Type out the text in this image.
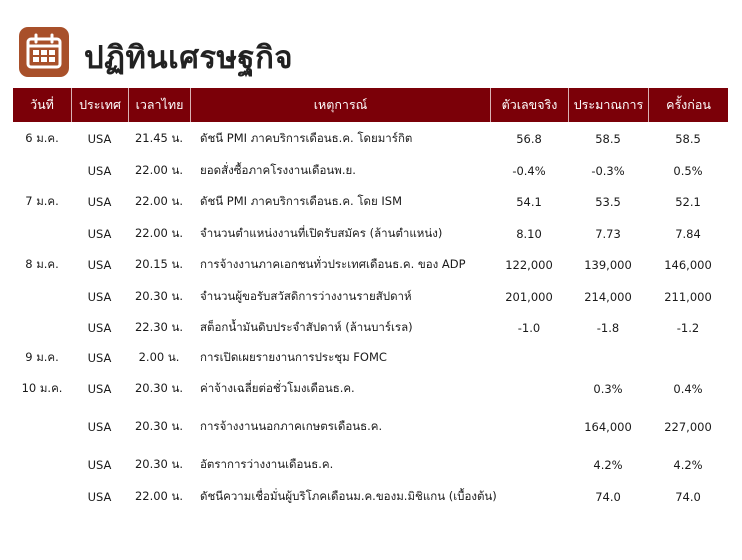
ปฏิทินเศรษฐกิจ
วันที่	ประเทศ	เวลาไทย	เหตุการณ์	ตัวเลขจริง	ประมาณการ	ครั้งก่อน
6 ม.ค.	USA	21.45 น.	ดัชนี PMI ภาคบริการเดือนธ.ค. โดยมาร์กิต	56.8	58.5	58.5
	USA	22.00 น.	ยอดสั่งซื้อภาคโรงงานเดือนพ.ย.	-0.4%	-0.3%	0.5%
7 ม.ค.	USA	22.00 น.	ดัชนี PMI ภาคบริการเดือนธ.ค. โดย ISM	54.1	53.5	52.1
	USA	22.00 น.	จำนวนตำแหน่งงานที่เปิดรับสมัคร (ล้านตำแหน่ง)	8.10	7.73	7.84
8 ม.ค.	USA	20.15 น.	การจ้างงานภาคเอกชนทั่วประเทศเดือนธ.ค. ของ ADP	122,000	139,000	146,000
	USA	20.30 น.	จำนวนผู้ขอรับสวัสดิการว่างงานรายสัปดาห์	201,000	214,000	211,000
	USA	22.30 น.	สต็อกน้ำมันดิบประจำสัปดาห์ (ล้านบาร์เรล)	-1.0	-1.8	-1.2
9 ม.ค.	USA	2.00 น.	การเปิดเผยรายงานการประชุม FOMC			
10 ม.ค.	USA	20.30 น.	ค่าจ้างเฉลี่ยต่อชั่วโมงเดือนธ.ค.		0.3%	0.4%
	USA	20.30 น.	การจ้างงานนอกภาคเกษตรเดือนธ.ค.		164,000	227,000
	USA	20.30 น.	อัตราการว่างงานเดือนธ.ค.		4.2%	4.2%
	USA	22.00 น.	ดัชนีความเชื่อมั่นผู้บริโภคเดือนม.ค.ของม.มิชิแกน (เบื้องต้น)		74.0	74.0
